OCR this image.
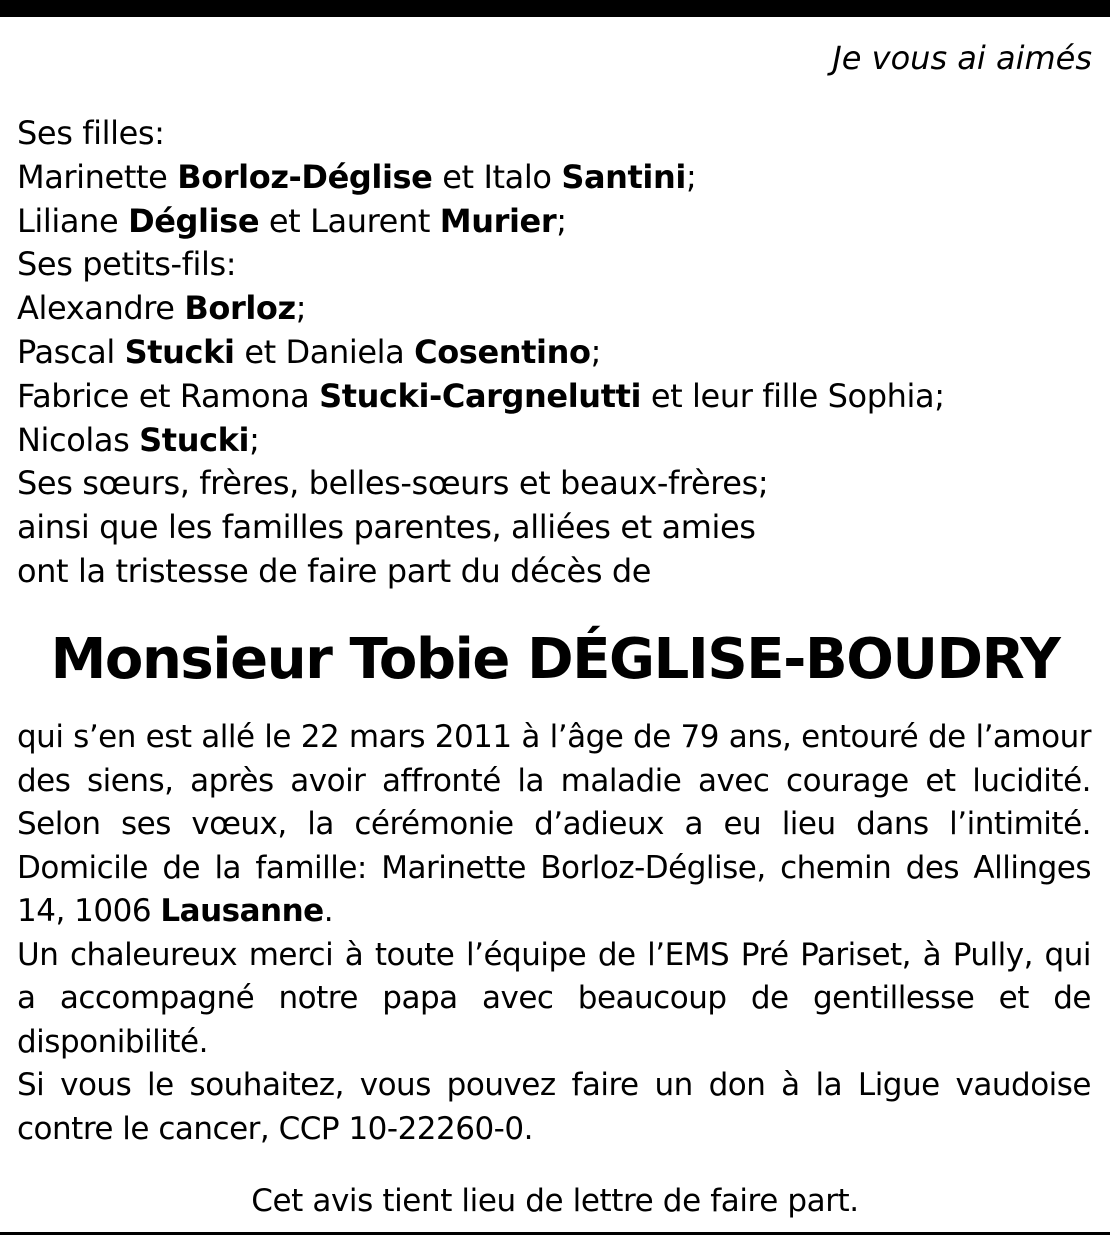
Je vous ai aimés

Ses filles:
Marinette Borloz-Déglise et Italo Santini;
Liliane Déglise et Laurent Murier;
Ses petits-fils:
Alexandre Borloz;
Pascal Stucki et Daniela Cosentino;
Fabrice et Ramona Stucki-Cargnelutti et leur fille Sophia;
Nicolas Stucki;
Ses sœurs, frères, belles-sœurs et beaux-frères;
ainsi que les familles parentes, alliées et amies
ont la tristesse de faire part du décès de
Monsieur Tobie DÉGLISE-BOUDRY

qui s’en est allé le 22 mars 2011 à l’âge de 79 ans, entouré de l’amour des siens, après avoir affronté la maladie avec courage et lucidité. Selon ses vœux, la cérémonie d’adieux a eu lieu dans l’intimité. Domicile de la famille: Marinette Borloz-Déglise, chemin des Allinges 14, 1006 Lausanne.

Un chaleureux merci à toute l’équipe de l’EMS Pré Pariset, à Pully, qui a accompagné notre papa avec beaucoup de gentillesse et de disponibilité.

Si vous le souhaitez, vous pouvez faire un don à la Ligue vaudoise contre le cancer, CCP 10-22260-0.

Cet avis tient lieu de lettre de faire part.
